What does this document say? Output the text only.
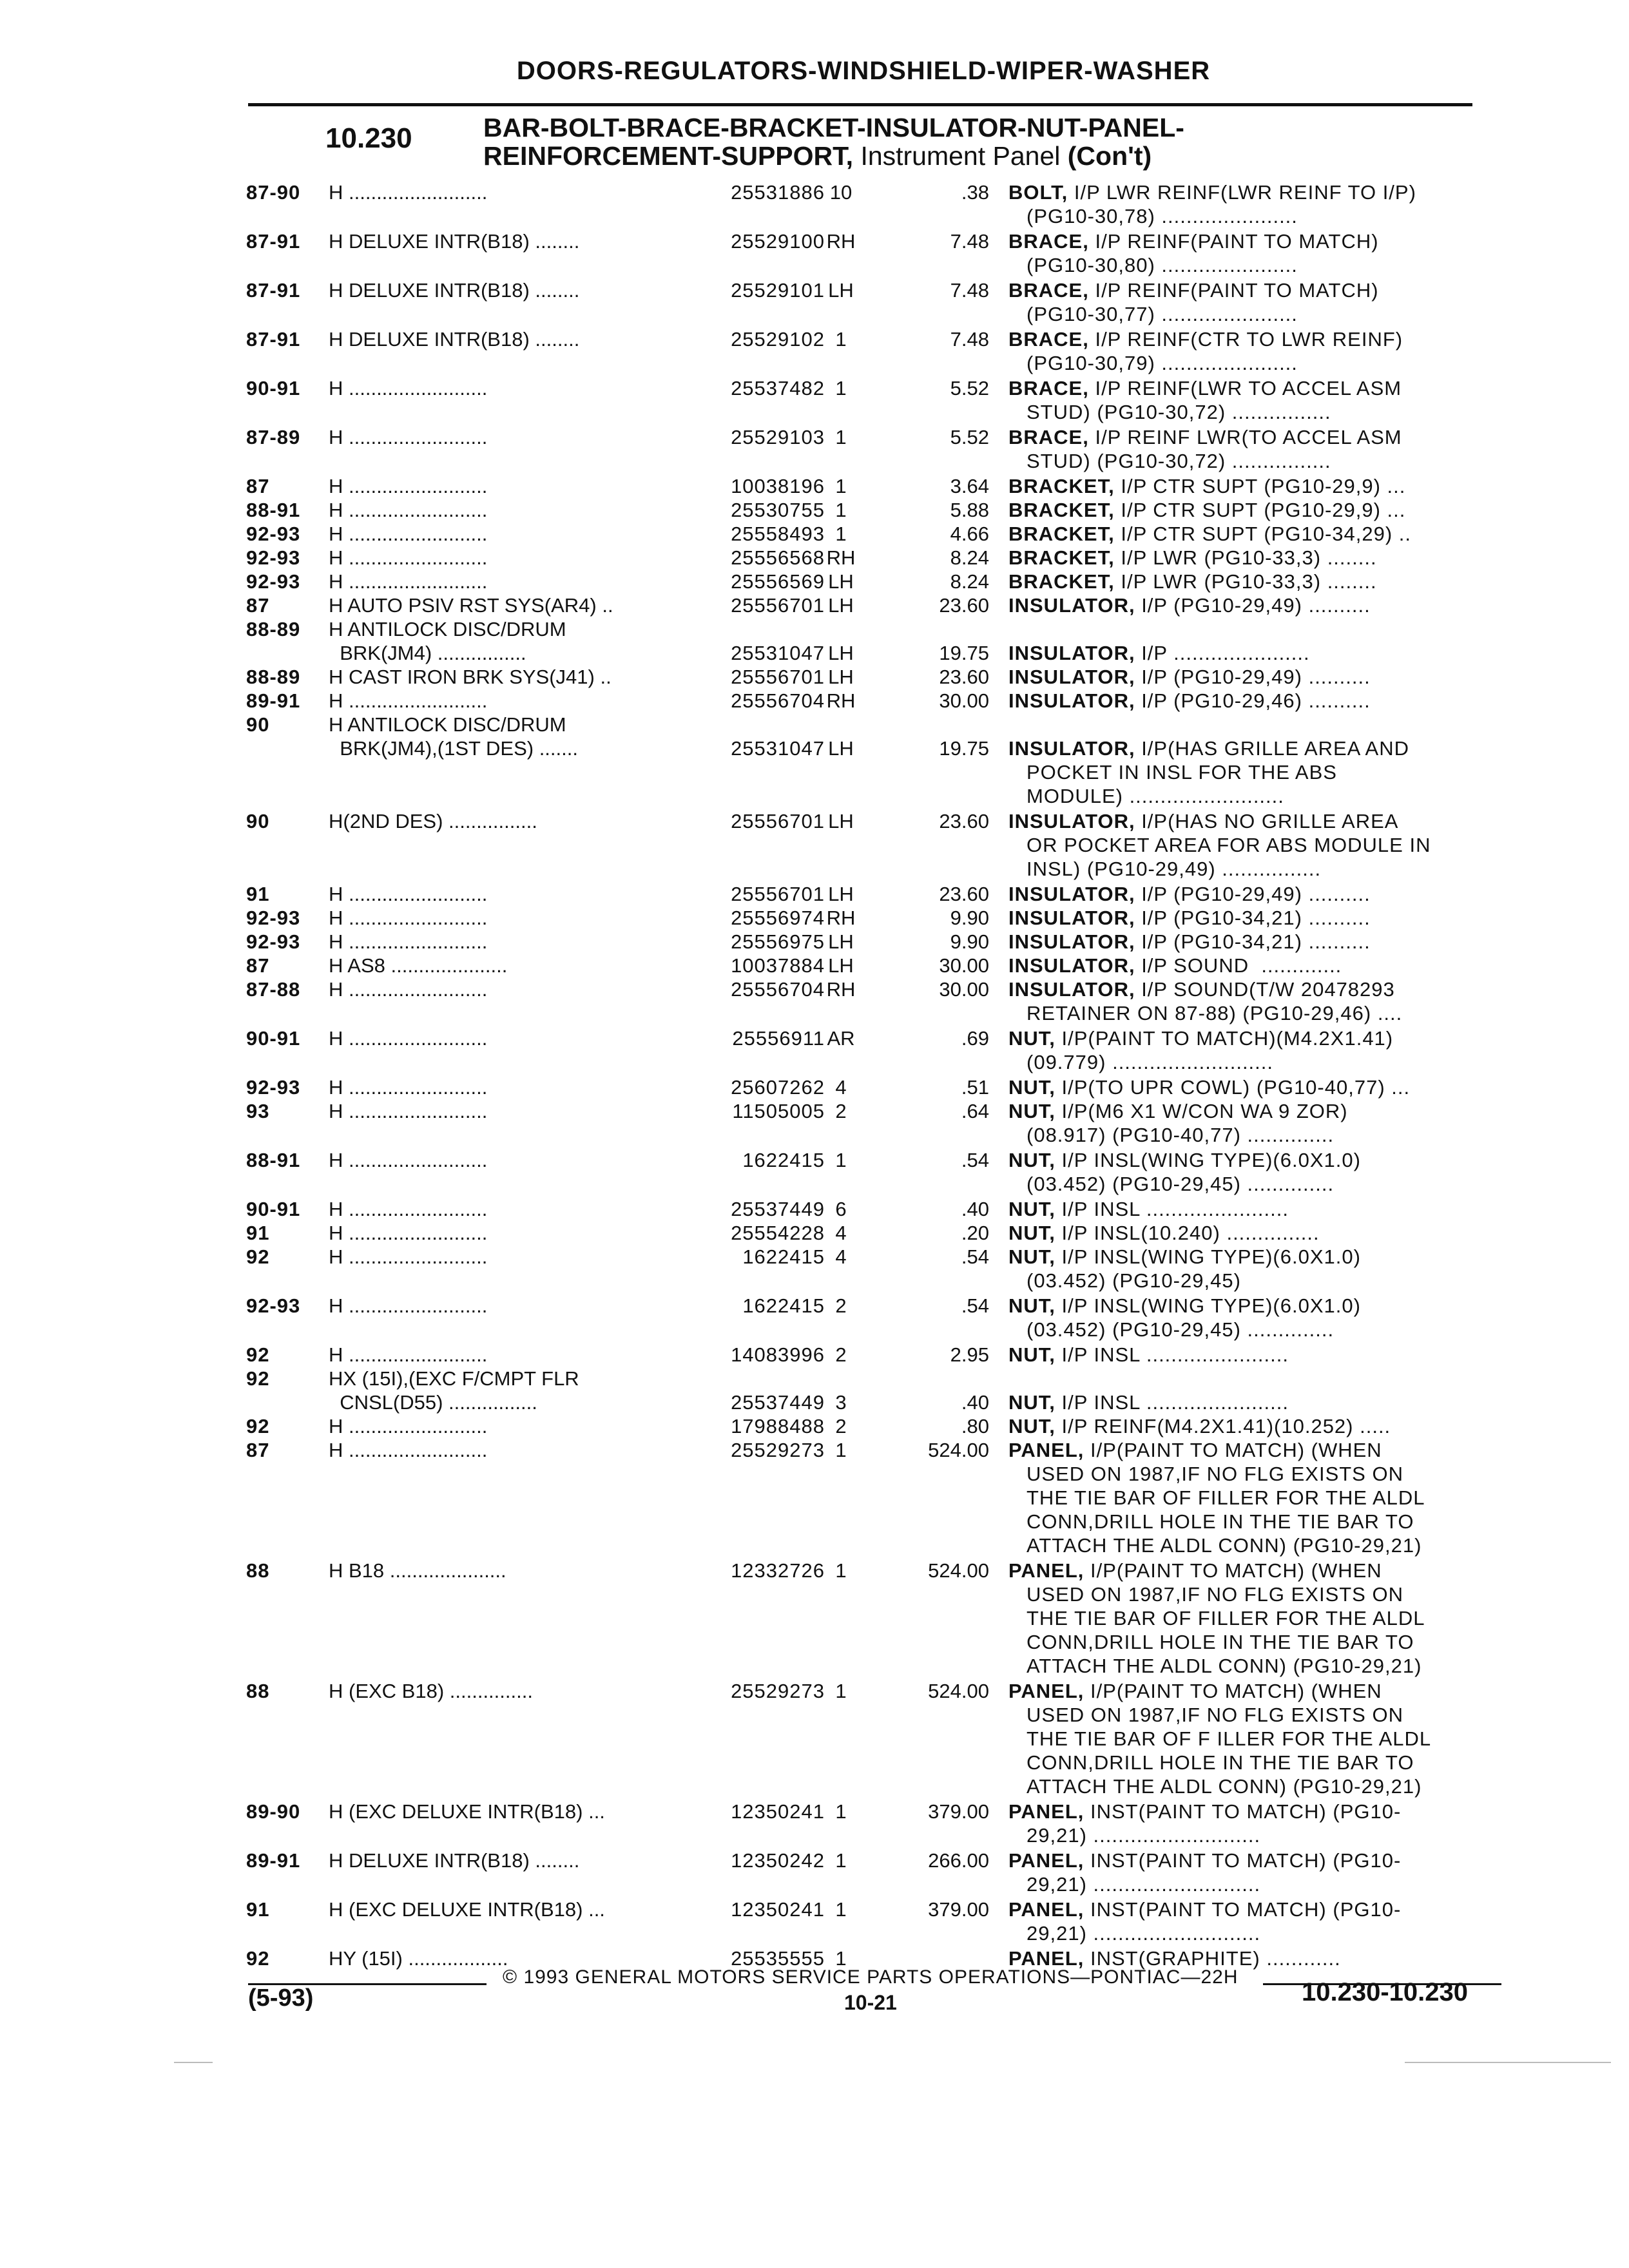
DOORS-REGULATORS-WINDSHIELD-WIPER-WASHER
10.230	BAR-BOLT-BRACE-BRACKET-INSULATOR-NUT-PANEL-
REINFORCEMENT-SUPPORT, Instrument Panel (Con't)
87-90 H .........................	25531886 10	.38 BOLT, I/P LWR REINF(LWR REINF TO I/P)
(PG10-30,78) ......................
87-91 H DELUXE INTR(B18) ........	25529100 RH	7.48 BRACE, I/P REINF(PAINT TO MATCH)
(PG10-30,80) ......................
87-91 H DELUXE INTR(B18) ........	25529101 LH	7.48 BRACE, I/P REINF(PAINT TO MATCH)
(PG10-30,77) ......................
87-91 H DELUXE INTR(B18) ........	25529102 1	7.48 BRACE, I/P REINF(CTR TO LWR REINF)
(PG10-30,79) ......................
90-91 H .........................	25537482 1	5.52 BRACE, I/P REINF(LWR TO ACCEL ASM
STUD) (PG10-30,72) ................
87-89 H .........................	25529103 1	5.52 BRACE, I/P REINF LWR(TO ACCEL ASM
STUD) (PG10-30,72) ................
87	H .........................	10038196 1	3.64 BRACKET, I/P CTR SUPT (PG10-29,9) ...
88-91 H .........................	25530755 1	5.88 BRACKET, I/P CTR SUPT (PG10-29,9) ...
92-93 H .........................	25558493 1	4.66 BRACKET, I/P CTR SUPT (PG10-34,29) ..
92-93 H .........................	25556568 RH	8.24 BRACKET, I/P LWR (PG10-33,3) ........
92-93 H .........................	25556569 LH	8.24 BRACKET, I/P LWR (PG10-33,3) ........
87	H AUTO PSIV RST SYS(AR4) ..	25556701 LH	23.60 INSULATOR, I/P (PG10-29,49) ..........
88-89 H ANTILOCK DISC/DRUM
BRK(JM4) ................	25531047 LH	19.75 INSULATOR, I/P ......................
88-89 H CAST IRON BRK SYS(J41) ..	25556701 LH	23.60 INSULATOR, I/P (PG10-29,49) ..........
89-91 H .........................	25556704 RH	30.00 INSULATOR, I/P (PG10-29,46) ..........
90	H ANTILOCK DISC/DRUM
BRK(JM4),(1ST DES) .......	25531047 LH	19.75 INSULATOR, I/P(HAS GRILLE AREA AND
POCKET IN INSL FOR THE ABS
MODULE) .........................
90	H(2ND DES) ................	25556701 LH	23.60 INSULATOR, I/P(HAS NO GRILLE AREA
OR POCKET AREA FOR ABS MODULE IN
INSL) (PG10-29,49) ................
91	H .........................	25556701 LH	23.60 INSULATOR, I/P (PG10-29,49) ..........
92-93 H .........................	25556974 RH	9.90 INSULATOR, I/P (PG10-34,21) ..........
92-93 H .........................	25556975 LH	9.90 INSULATOR, I/P (PG10-34,21) ..........
87	H AS8 .....................	10037884 LH	30.00 INSULATOR, I/P SOUND  .............
87-88 H .........................	25556704 RH	30.00 INSULATOR, I/P SOUND(T/W 20478293
RETAINER ON 87-88) (PG10-29,46) ....
90-91 H .........................	25556911 AR	.69 NUT, I/P(PAINT TO MATCH)(M4.2X1.41)
(09.779) ..........................
92-93 H .........................	25607262 4	.51 NUT, I/P(TO UPR COWL) (PG10-40,77) ...
93	H .........................	11505005 2	.64 NUT, I/P(M6 X1 W/CON WA 9 ZOR)
(08.917) (PG10-40,77) ..............
88-91 H .........................	1622415 1	.54 NUT, I/P INSL(WING TYPE)(6.0X1.0)
(03.452) (PG10-29,45) ..............
90-91 H .........................	25537449 6	.40 NUT, I/P INSL .......................
91	H .........................	25554228 4	.20 NUT, I/P INSL(10.240) ...............
92	H .........................	1622415 4	.54 NUT, I/P INSL(WING TYPE)(6.0X1.0)
(03.452) (PG10-29,45)
92-93 H .........................	1622415 2	.54 NUT, I/P INSL(WING TYPE)(6.0X1.0)
(03.452) (PG10-29,45) ..............
92	H .........................	14083996 2	2.95 NUT, I/P INSL .......................
92	HX (15I),(EXC F/CMPT FLR
CNSL(D55) ................	25537449 3	.40 NUT, I/P INSL .......................
92	H .........................	17988488 2	.80 NUT, I/P REINF(M4.2X1.41)(10.252) .....
87	H .........................	25529273 1	524.00 PANEL, I/P(PAINT TO MATCH) (WHEN
USED ON 1987,IF NO FLG EXISTS ON
THE TIE BAR OF FILLER FOR THE ALDL
CONN,DRILL HOLE IN THE TIE BAR TO
ATTACH THE ALDL CONN) (PG10-29,21)
88	H B18 .....................	12332726 1	524.00 PANEL, I/P(PAINT TO MATCH) (WHEN
USED ON 1987,IF NO FLG EXISTS ON
THE TIE BAR OF FILLER FOR THE ALDL
CONN,DRILL HOLE IN THE TIE BAR TO
ATTACH THE ALDL CONN) (PG10-29,21)
88	H (EXC B18) ...............	25529273 1	524.00 PANEL, I/P(PAINT TO MATCH) (WHEN
USED ON 1987,IF NO FLG EXISTS ON
THE TIE BAR OF F ILLER FOR THE ALDL
CONN,DRILL HOLE IN THE TIE BAR TO
ATTACH THE ALDL CONN) (PG10-29,21)
89-90 H (EXC DELUXE INTR(B18) ...	12350241 1	379.00 PANEL, INST(PAINT TO MATCH) (PG10-
29,21) ...........................
89-91 H DELUXE INTR(B18) ........	12350242 1	266.00 PANEL, INST(PAINT TO MATCH) (PG10-
29,21) ...........................
91	H (EXC DELUXE INTR(B18) ...	12350241 1	379.00 PANEL, INST(PAINT TO MATCH) (PG10-
29,21) ...........................
92	HY (15I) ..................	25535555 1	PANEL, INST(GRAPHITE) ............
© 1993 GENERAL MOTORS SERVICE PARTS OPERATIONS—PONTIAC—22H
(5-93)	10-21	10.230-10.230
